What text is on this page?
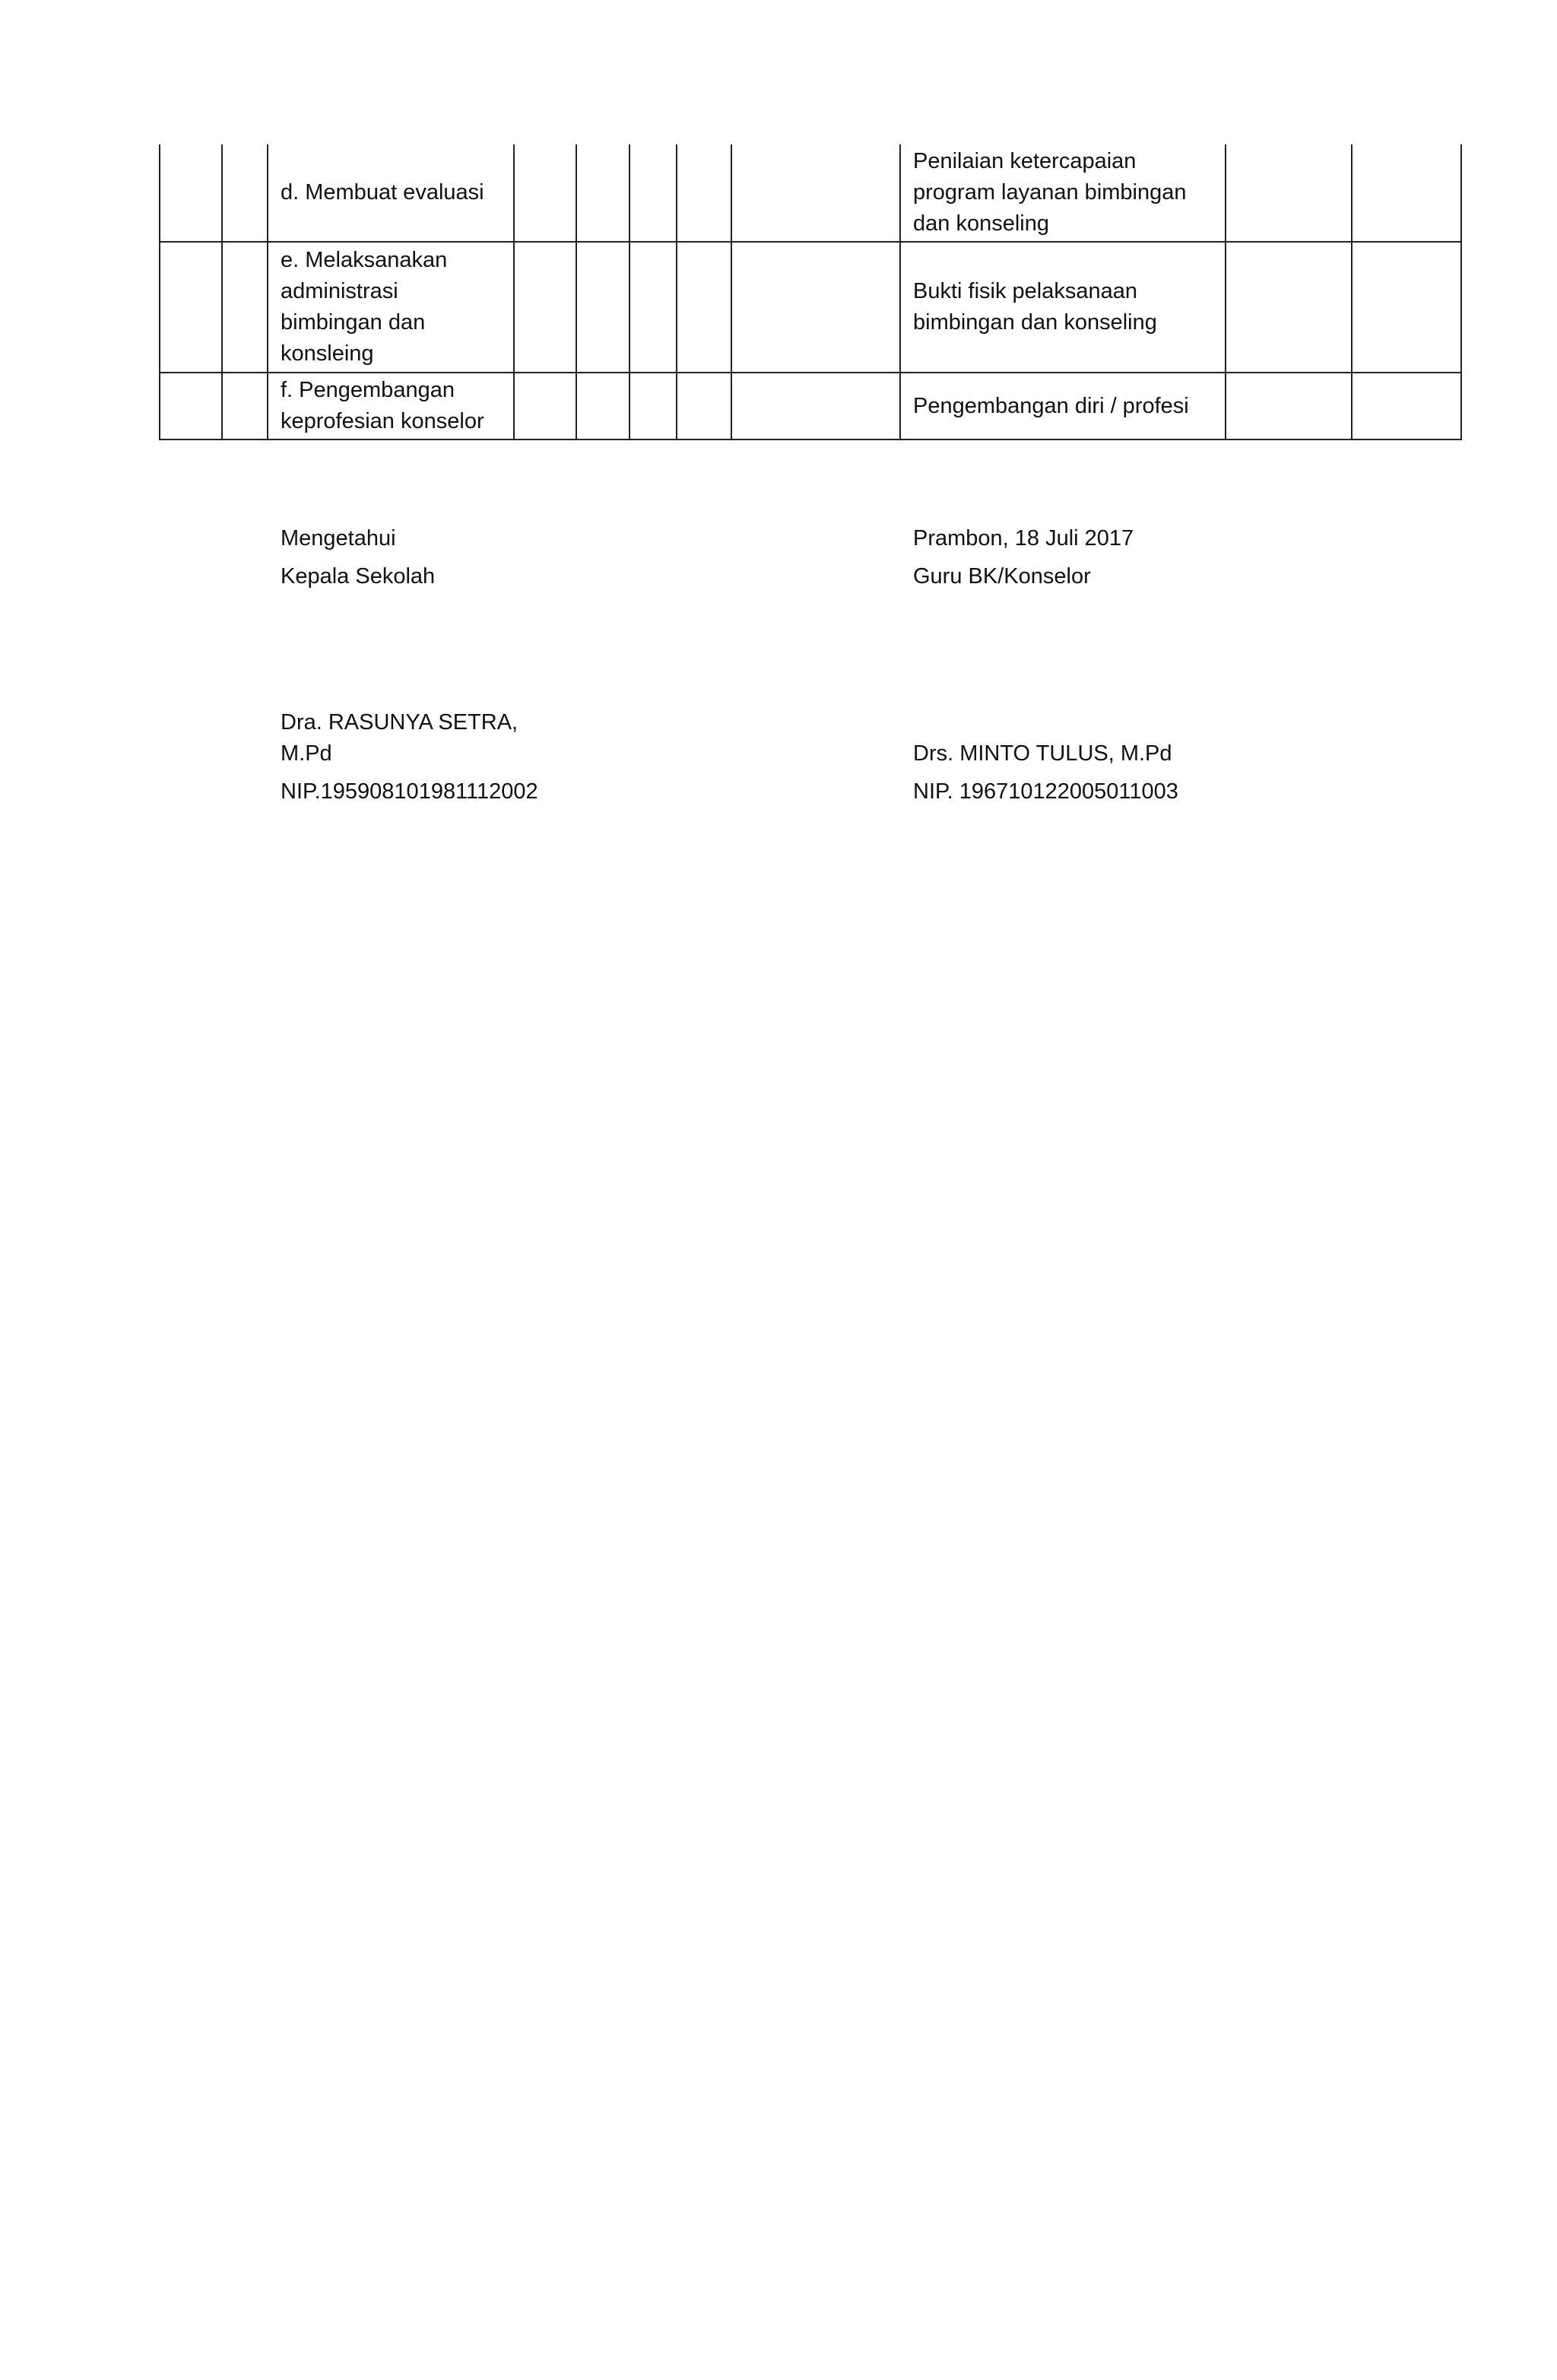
		d. Membuat evaluasi						Penilaian ketercapaian program layanan bimbingan dan konseling		
		e. Melaksanakan administrasi bimbingan dan konsleing						Bukti fisik pelaksanaan bimbingan dan konseling		
		f. Pengembangan keprofesian konselor						Pengembangan diri / profesi		
Mengetahui
Kepala Sekolah
Dra. RASUNYA SETRA,
M.Pd
NIP.195908101981112002
Prambon, 18 Juli 2017
Guru BK/Konselor
Drs. MINTO TULUS, M.Pd
NIP. 196710122005011003
